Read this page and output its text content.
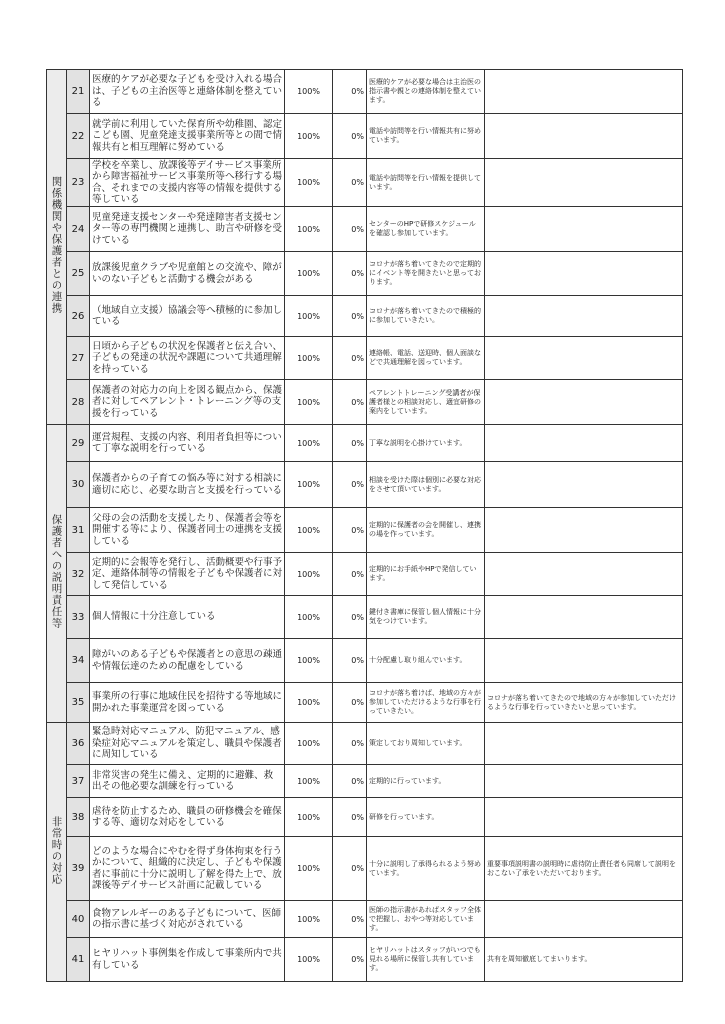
関係機関や保護者との連携	21	医療的ケアが必要な子どもを受け入れる場合は、子どもの主治医等と連絡体制を整えている	100%	0%	医療的ケアが必要な場合は主治医の指示書や親との連絡体制を整えています。	
	22	就学前に利用していた保育所や幼稚園、認定こども園、児童発達支援事業所等との間で情報共有と相互理解に努めている	100%	0%	電話や訪問等を行い情報共有に努めています。	
	23	学校を卒業し、放課後等デイサービス事業所から障害福祉サービス事業所等へ移行する場合、それまでの支援内容等の情報を提供する等している	100%	0%	電話や訪問等を行い情報を提供しています。	
	24	児童発達支援センターや発達障害者支援センター等の専門機関と連携し、助言や研修を受けている	100%	0%	センターのHPで研修スケジュールを確認し参加しています。	
	25	放課後児童クラブや児童館との交流や、障がいのない子どもと活動する機会がある	100%	0%	コロナが落ち着いてきたので定期的にイベント等を開きたいと思っております。	
	26	（地域自立支援）協議会等へ積極的に参加している	100%	0%	コロナが落ち着いてきたので積極的に参加していきたい。	
	27	日頃から子どもの状況を保護者と伝え合い、子どもの発達の状況や課題について共通理解を持っている	100%	0%	連絡帳、電話、送迎時、個人面談などで共通理解を図っています。	
	28	保護者の対応力の向上を図る観点から、保護者に対してペアレント・トレーニング等の支援を行っている	100%	0%	ペアレントトレーニング受講者が保護者様との相談対応し、適宜研修の案内をしています。	
保護者への説明責任等	29	運営規程、支援の内容、利用者負担等について丁寧な説明を行っている	100%	0%	丁寧な説明を心掛けています。	
	30	保護者からの子育ての悩み等に対する相談に適切に応じ、必要な助言と支援を行っている	100%	0%	相談を受けた際は個別に必要な対応をさせて頂いています。	
	31	父母の会の活動を支援したり、保護者会等を開催する等により、保護者同士の連携を支援している	100%	0%	定期的に保護者の会を開催し、連携の場を作っています。	
	32	定期的に会報等を発行し、活動概要や行事予定、連絡体制等の情報を子どもや保護者に対して発信している	100%	0%	定期的にお手紙やHPで発信しています。	
	33	個人情報に十分注意している	100%	0%	鍵付き書庫に保管し個人情報に十分気をつけています。	
	34	障がいのある子どもや保護者との意思の疎通や情報伝達のための配慮をしている	100%	0%	十分配慮し取り組んでいます。	
	35	事業所の行事に地域住民を招待する等地域に開かれた事業運営を図っている	100%	0%	コロナが落ち着けば、地域の方々が参加していただけるような行事を行っていきたい。	コロナが落ち着いてきたので地域の方々が参加していただけるような行事を行っていきたいと思っています。
非常時の対応	36	緊急時対応マニュアル、防犯マニュアル、感染症対応マニュアルを策定し、職員や保護者に周知している	100%	0%	策定しており周知しています。	
	37	非常災害の発生に備え、定期的に避難、救出その他必要な訓練を行っている	100%	0%	定期的に行っています。	
	38	虐待を防止するため、職員の研修機会を確保する等、適切な対応をしている	100%	0%	研修を行っています。	
	39	どのような場合にやむを得ず身体拘束を行うかについて、組織的に決定し、子どもや保護者に事前に十分に説明し了解を得た上で、放課後等デイサービス計画に記載している	100%	0%	十分に説明し了承得られるよう努めています。	重要事項説明書の説明時に虐待防止責任者も同席して説明をおこない了承をいただいております。
	40	食物アレルギーのある子どもについて、医師の指示書に基づく対応がされている	100%	0%	医師の指示書があればスタッフ全体で把握し、おやつ等対応しています。	
	41	ヒヤリハット事例集を作成して事業所内で共有している	100%	0%	ヒヤリハットはスタッフがいつでも見れる場所に保管し共有しています。	共有を周知徹底してまいります。
